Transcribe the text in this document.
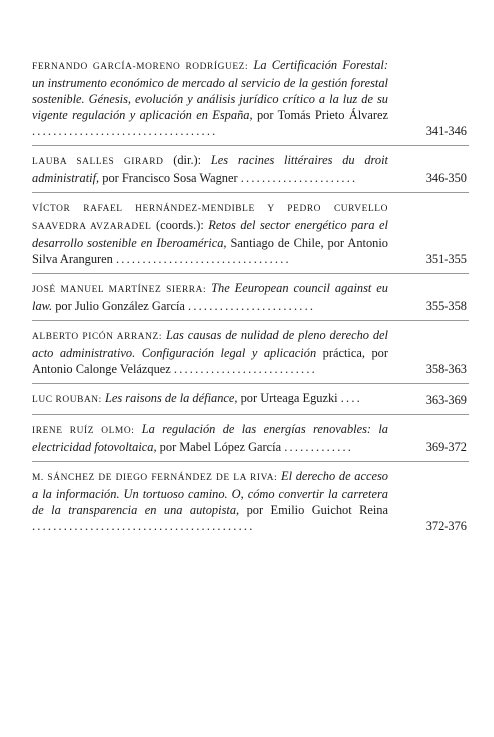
FERNANDO GARCÍA-MORENO RODRÍGUEZ: La Certificación Forestal: un instrumento económico de mercado al servicio de la gestión forestal sostenible. Génesis, evolución y análisis jurídico crítico a la luz de su vigente regulación y aplicación en España, por Tomás Prieto Álvarez ...................................	341-346
LAUBA SALLES GIRARD (dir.): Les racines littéraires du droit administratif, por Francisco Sosa Wagner ......................	346-350
VÍCTOR RAFAEL HERNÁNDEZ-MENDIBLE Y PEDRO CURVELLO SAAVEDRA AVZARADEL (coords.): Retos del sector energético para el desarrollo sostenible en Iberoamérica, Santiago de Chile, por Antonio Silva Aranguren .................................	351-355
JOSÉ MANUEL MARTÍNEZ SIERRA: The Eeuropean council against eu law. por Julio González García ........................	355-358
ALBERTO PICÓN ARRANZ: Las causas de nulidad de pleno derecho del acto administrativo. Configuración legal y aplicación práctica, por Antonio Calonge Velázquez ...........................	358-363
LUC ROUBAN: Les raisons de la défiance, por Urteaga Eguzki ....	363-369
IRENE RUÍZ OLMO: La regulación de las energías renovables: la electricidad fotovoltaica, por Mabel López García .............	369-372
M. SÁNCHEZ DE DIEGO FERNÁNDEZ DE LA RIVA: El derecho de acceso a la información. Un tortuoso camino. O, cómo convertir la carretera de la transparencia en una autopista, por Emilio Guichot Reina ..........................................	372-376
